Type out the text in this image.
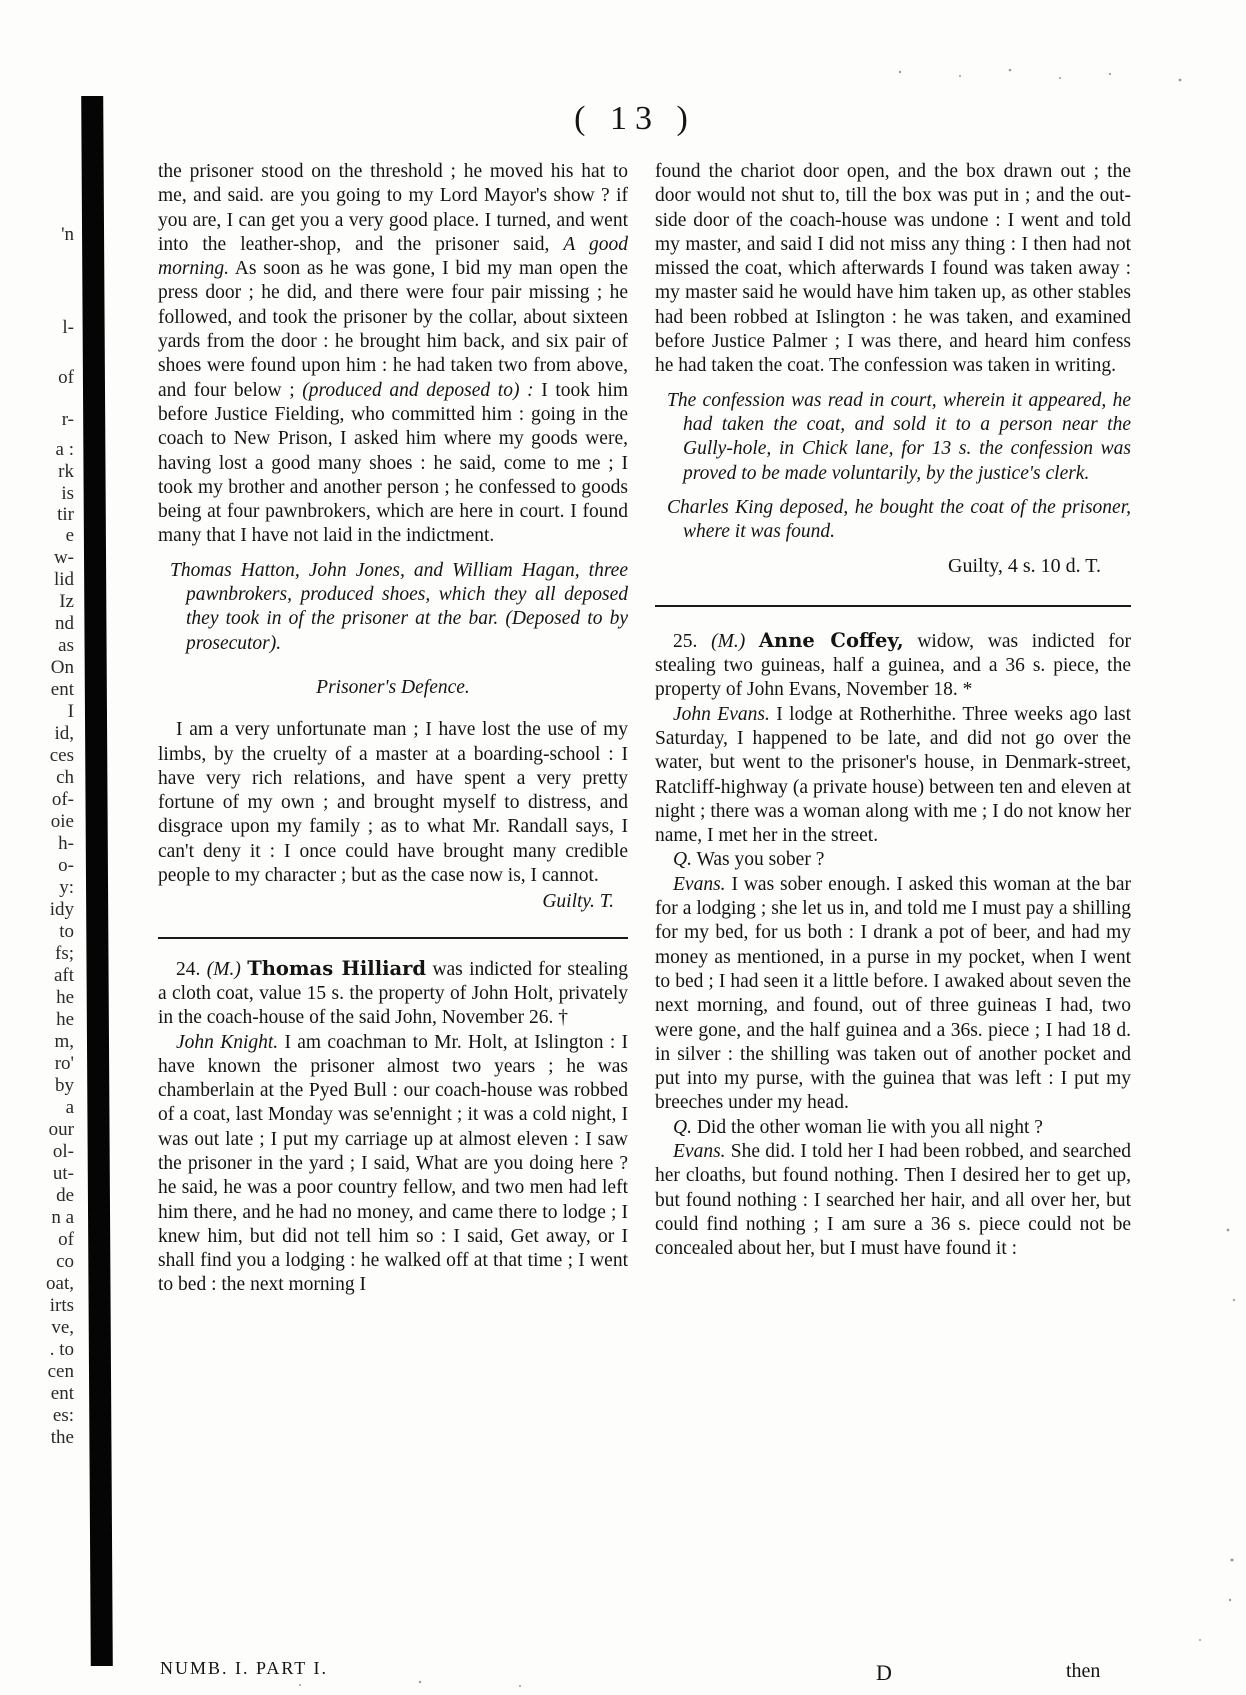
'n
l-
of
r-
a :
rk
is
tir
e
w-
lid
Iz
nd
as
On
ent
I
id,
ces
ch
of-
oie
h-
o-
y:
idy
to
fs;
aft
he
he
m,
ro'
by
a
our
ol-
ut-
de
n a
of
co
oat,
irts
ve,
. to
cen
ent
es:
the
( 13 )

the prisoner stood on the threshold ; he moved his hat to me, and said. are you going to my Lord Mayor's show ? if you are, I can get you a very good place. I turned, and went into the leather-shop, and the prisoner said, A good morning. As soon as he was gone, I bid my man open the press door ; he did, and there were four pair missing ; he followed, and took the prisoner by the collar, about sixteen yards from the door : he brought him back, and six pair of shoes were found upon him : he had taken two from above, and four below ; (produced and deposed to) : I took him before Justice Fielding, who committed him : going in the coach to New Prison, I asked him where my goods were, having lost a good many shoes : he said, come to me ; I took my brother and another person ; he confessed to goods being at four pawnbrokers, which are here in court. I found many that I have not laid in the indictment.

Thomas Hatton, John Jones, and William Hagan, three pawnbrokers, produced shoes, which they all deposed they took in of the prisoner at the bar. (Deposed to by prosecutor).

Prisoner's Defence.

I am a very unfortunate man ; I have lost the use of my limbs, by the cruelty of a master at a boarding-school : I have very rich relations, and have spent a very pretty fortune of my own ; and brought myself to distress, and disgrace upon my family ; as to what Mr. Randall says, I can't deny it : I once could have brought many credible people to my character ; but as the case now is, I cannot.

Guilty. T.

24. (M.) Thomas Hilliard was indicted for stealing a cloth coat, value 15 s. the property of John Holt, privately in the coach-house of the said John, November 26. †

John Knight. I am coachman to Mr. Holt, at Islington : I have known the prisoner almost two years ; he was chamberlain at the Pyed Bull : our coach-house was robbed of a coat, last Monday was se'ennight ; it was a cold night, I was out late ; I put my carriage up at almost eleven : I saw the prisoner in the yard ; I said, What are you doing here ? he said, he was a poor country fellow, and two men had left him there, and he had no money, and came there to lodge ; I knew him, but did not tell him so : I said, Get away, or I shall find you a lodging : he walked off at that time ; I went to bed : the next morning I

found the chariot door open, and the box drawn out ; the door would not shut to, till the box was put in ; and the out-side door of the coach-house was undone : I went and told my master, and said I did not miss any thing : I then had not missed the coat, which afterwards I found was taken away : my master said he would have him taken up, as other stables had been robbed at Islington : he was taken, and examined before Justice Palmer ; I was there, and heard him confess he had taken the coat. The confession was taken in writing.

The confession was read in court, wherein it appeared, he had taken the coat, and sold it to a person near the Gully-hole, in Chick lane, for 13 s. the confession was proved to be made voluntarily, by the justice's clerk.

Charles King deposed, he bought the coat of the prisoner, where it was found.

Guilty, 4 s. 10 d. T.

25. (M.) Anne Coffey, widow, was indicted for stealing two guineas, half a guinea, and a 36 s. piece, the property of John Evans, November 18. *

John Evans. I lodge at Rotherhithe. Three weeks ago last Saturday, I happened to be late, and did not go over the water, but went to the prisoner's house, in Denmark-street, Ratcliff-highway (a private house) between ten and eleven at night ; there was a woman along with me ; I do not know her name, I met her in the street.

Q. Was you sober ?

Evans. I was sober enough. I asked this woman at the bar for a lodging ; she let us in, and told me I must pay a shilling for my bed, for us both : I drank a pot of beer, and had my money as mentioned, in a purse in my pocket, when I went to bed ; I had seen it a little before. I awaked about seven the next morning, and found, out of three guineas I had, two were gone, and the half guinea and a 36s. piece ; I had 18 d. in silver : the shilling was taken out of another pocket and put into my purse, with the guinea that was left : I put my breeches under my head.

Q. Did the other woman lie with you all night ?

Evans. She did. I told her I had been robbed, and searched her cloaths, but found nothing. Then I desired her to get up, but found nothing : I searched her hair, and all over her, but could find nothing ; I am sure a 36 s. piece could not be concealed about her, but I must have found it :

NUMB. I. PART I.	D	then
